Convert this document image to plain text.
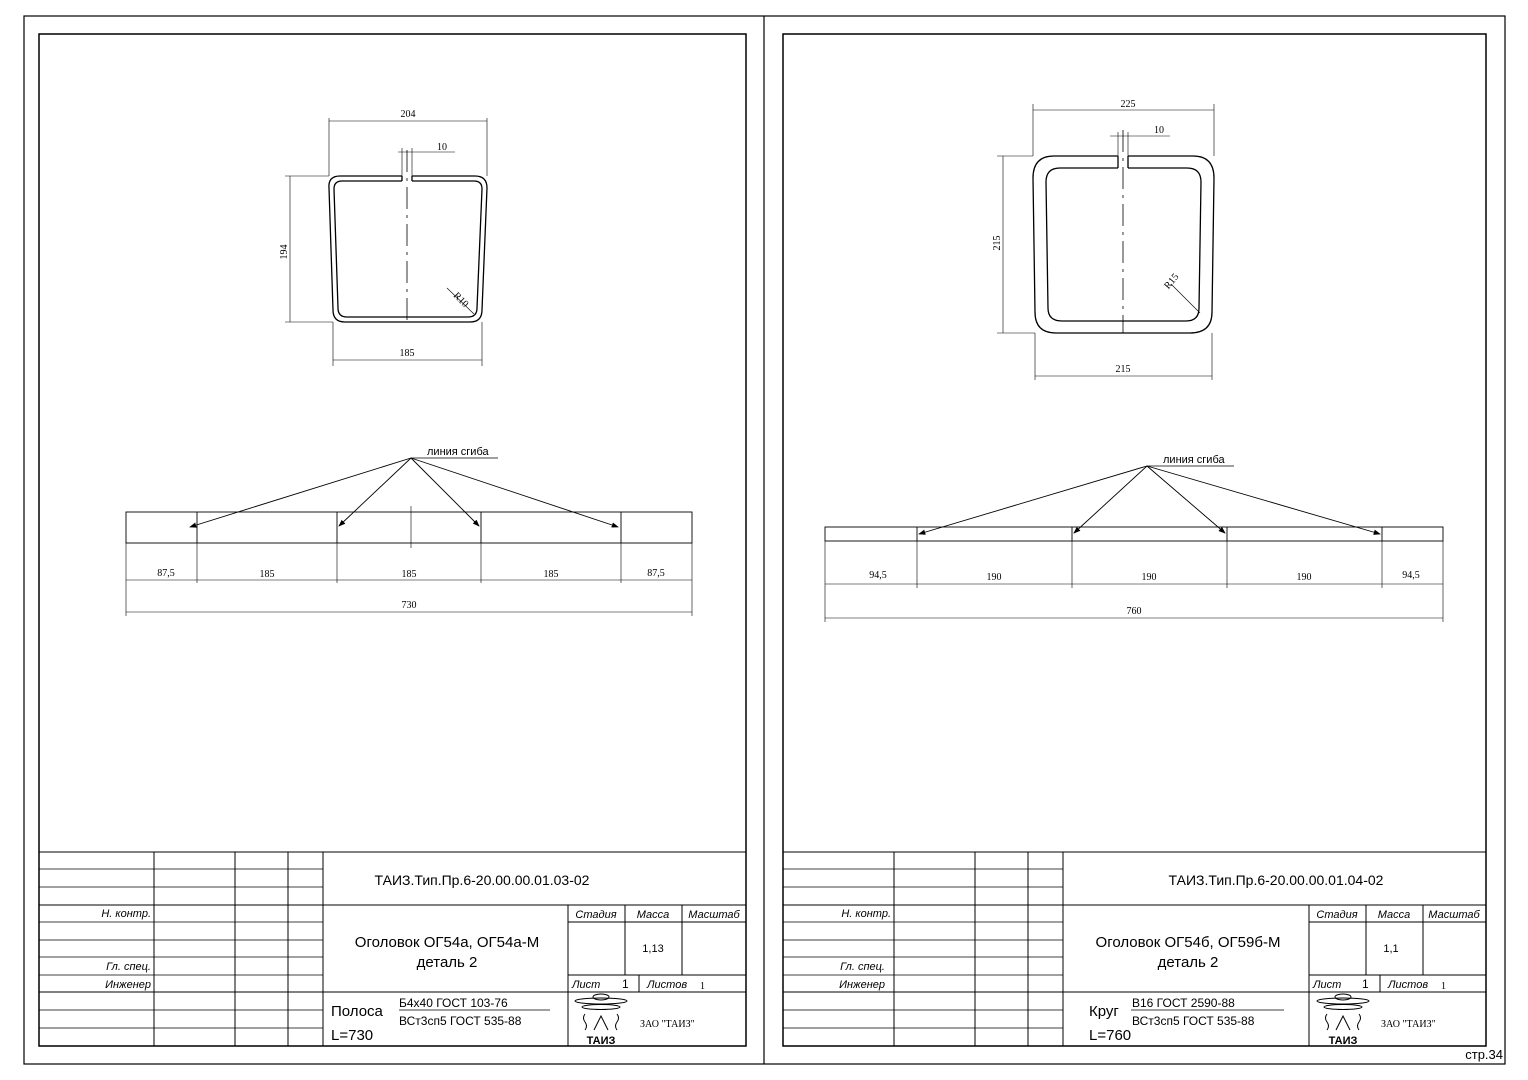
204
10
194
R10
185
линия сгиба
87,5	185	185	185	87,5
730
ТАИЗ.Тип.Пр.6-20.00.00.01.03-02
Н. контр.
Гл. спец.
Инженер
Оголовок ОГ54а, ОГ54а-М
деталь 2
Стадия Масса Масштаб
1,13
Лист 1 Листов 1
Полоса Б4х40 ГОСТ 103-76
ВСт3сп5 ГОСТ 535-88
L=730	ТАИЗ
ЗАО "ТАИЗ"
225
10
215
R15
215
линия сгиба
94,5	190	190	190	94,5
760
ТАИЗ.Тип.Пр.6-20.00.00.01.04-02
Н. контр.
Гл. спец.
Инженер
Оголовок ОГ54б, ОГ59б-М
деталь 2
Стадия Масса Масштаб
1,1
Лист 1 Листов 1
Круг В16 ГОСТ 2590-88
ВСт3сп5 ГОСТ 535-88
L=760	ТАИЗ
ЗАО "ТАИЗ"
стр.34
